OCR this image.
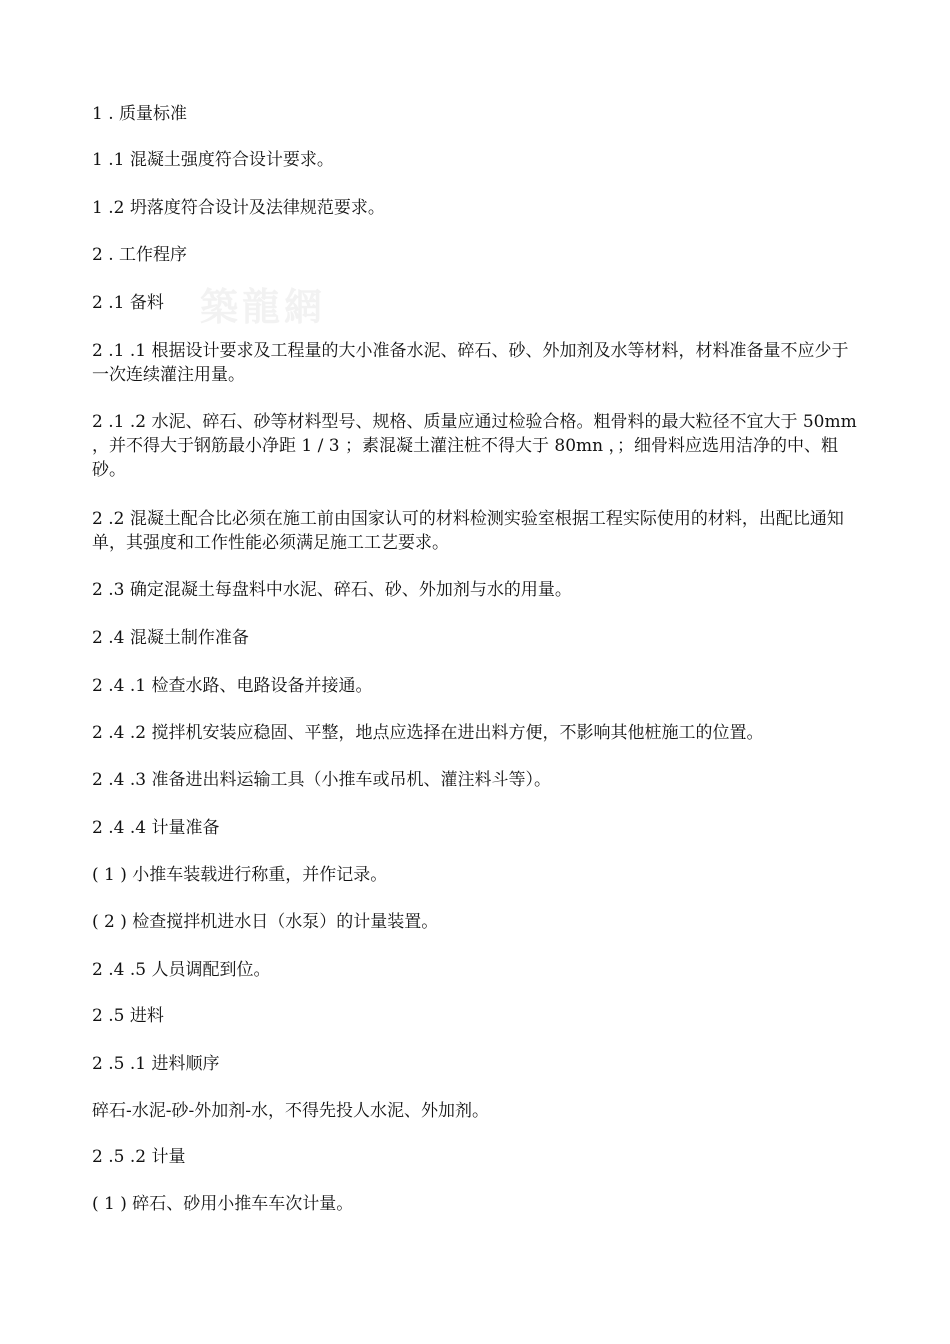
築龍網
1 . 质量标准
1 .1 混凝土强度符合设计要求。
1 .2 坍落度符合设计及法律规范要求。
2 . 工作程序
2 .1 备料
2 .1 .1 根据设计要求及工程量的大小准备水泥、碎石、砂、外加剂及水等材料，材料准备量不应少于一次连续灌注用量。
2 .1 .2 水泥、碎石、砂等材料型号、规格、质量应通过检验合格。粗骨料的最大粒径不宜大于 50mm ，并不得大于钢筋最小净距 1 / 3 ；素混凝土灌注桩不得大于 80mn ，；细骨料应选用洁净的中、粗砂。
2 .2 混凝土配合比必须在施工前由国家认可的材料检测实验室根据工程实际使用的材料，出配比通知单，其强度和工作性能必须满足施工工艺要求。
2 .3 确定混凝土每盘料中水泥、碎石、砂、外加剂与水的用量。
2 .4 混凝土制作准备
2 .4 .1 检查水路、电路设备并接通。
2 .4 .2 搅拌机安装应稳固、平整，地点应选择在进出料方便，不影响其他桩施工的位置。
2 .4 .3 准备进出料运输工具（小推车或吊机、灌注料斗等）。
2 .4 .4 计量准备
( 1 ) 小推车装载进行称重，并作记录。
( 2 ) 检查搅拌机进水日（水泵）的计量装置。
2 .4 .5 人员调配到位。
2 .5 进料
2 .5 .1 进料顺序
碎石-水泥-砂-外加剂-水，不得先投人水泥、外加剂。
2 .5 .2 计量
( 1 ) 碎石、砂用小推车车次计量。
